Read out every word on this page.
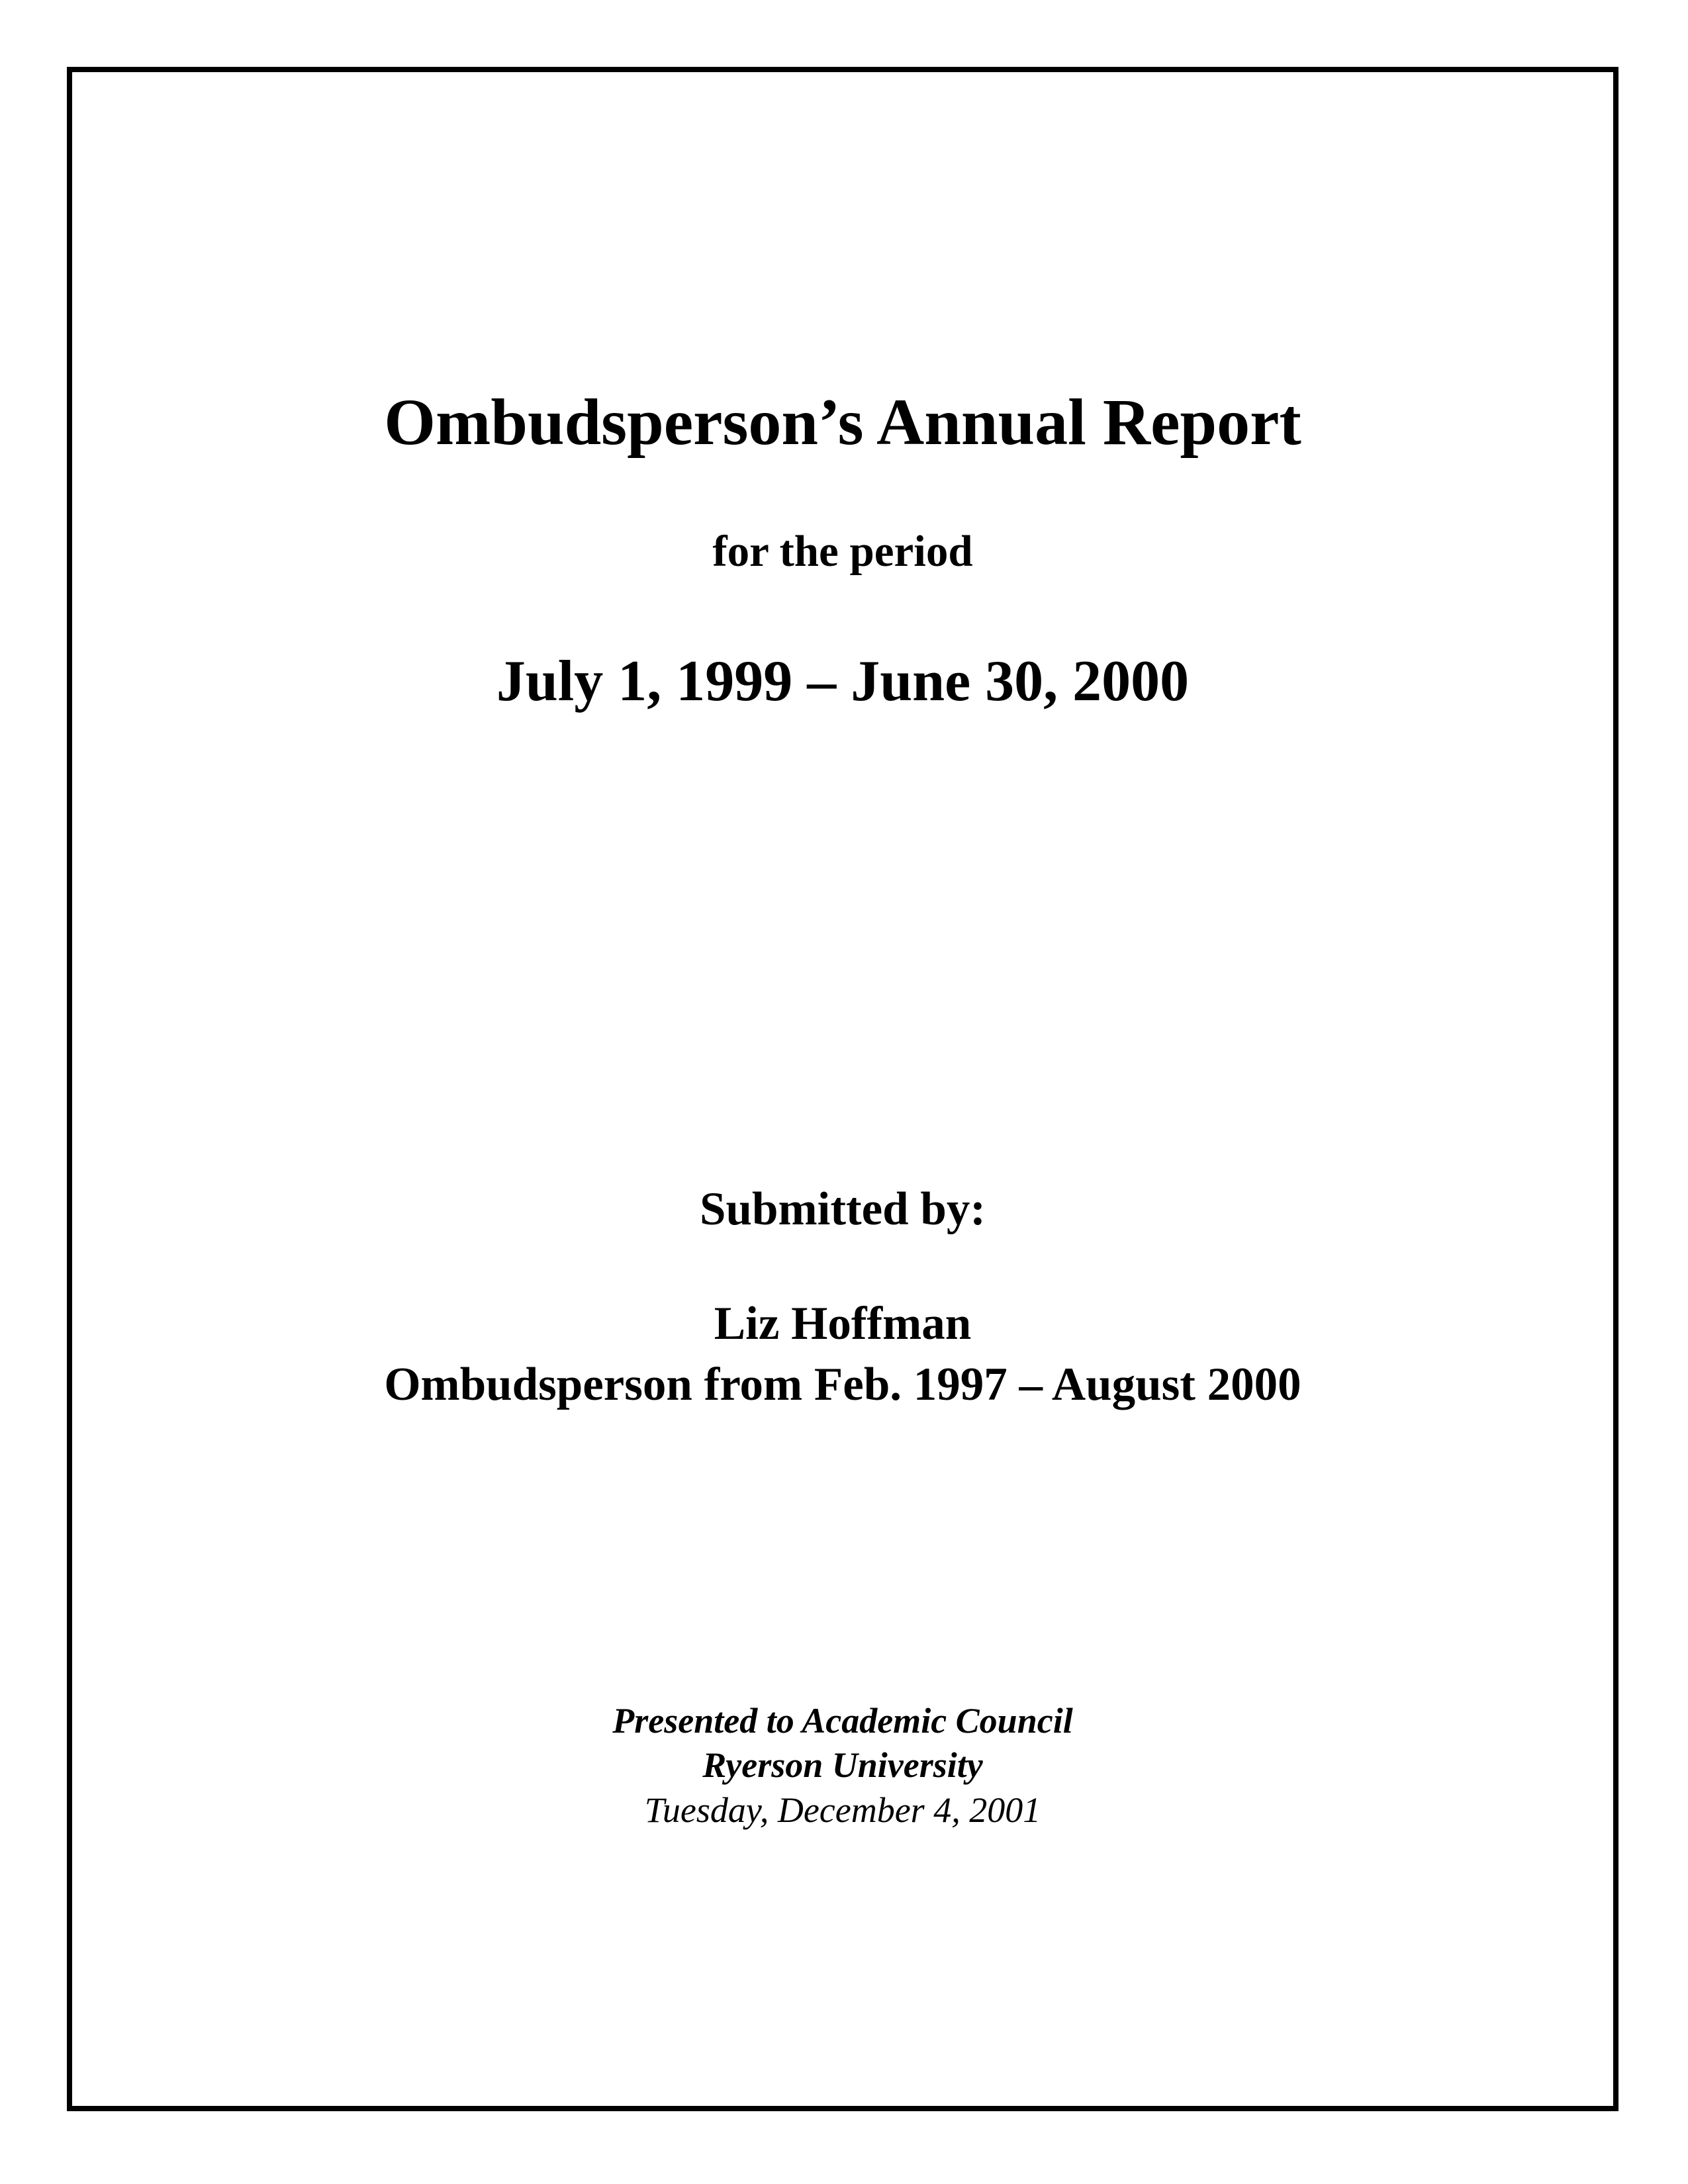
Ombudsperson’s Annual Report

for the period

July 1, 1999 – June 30, 2000

Submitted by:

Liz Hoffman

Ombudsperson from Feb. 1997 – August 2000

Presented to Academic Council

Ryerson University

Tuesday, December 4, 2001
